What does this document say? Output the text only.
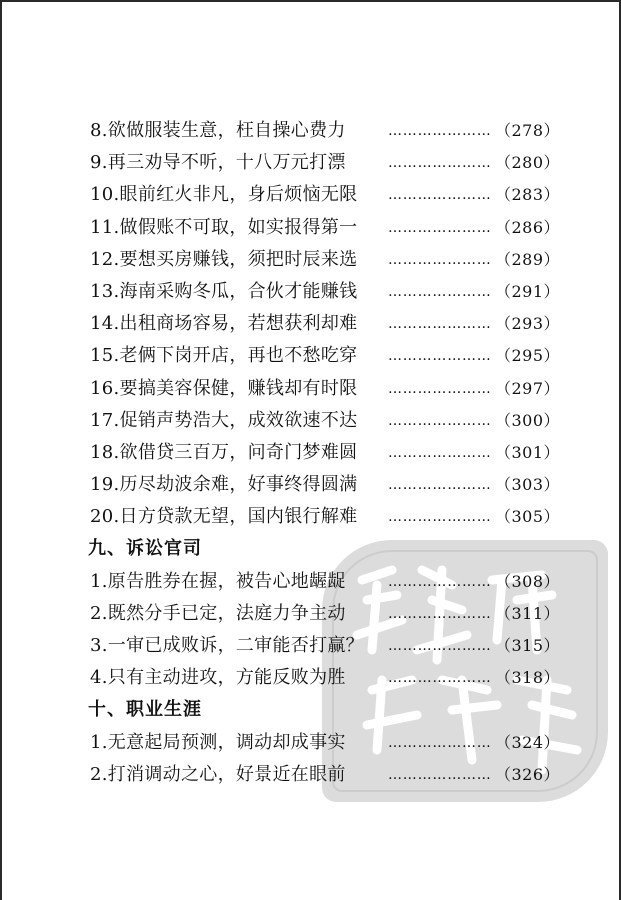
8.欲做服装生意，枉自操心费力	………………… （278）
9.再三劝导不听，十八万元打漂	………………… （280）
10.眼前红火非凡，身后烦恼无限 ………………… （283）
11.做假账不可取，如实报得第一 ………………… （286）
12.要想买房赚钱，须把时辰来选 ………………… （289）
13.海南采购冬瓜，合伙才能赚钱 ………………… （291）
14.出租商场容易，若想获利却难 ………………… （293）
15.老俩下岗开店，再也不愁吃穿 ………………… （295）
16.要搞美容保健，赚钱却有时限 ………………… （297）
17.促销声势浩大，成效欲速不达 ………………… （300）
18.欲借贷三百万，问奇门梦难圆 ………………… （301）
19.历尽劫波余难，好事终得圆满 ………………… （303）
20.日方贷款无望，国内银行解难 ………………… （305）
九、诉讼官司
1.原告胜券在握，被告心地龌龊	………………… （308）
2.既然分手已定，法庭力争主动	………………… （311）
3.一审已成败诉，二审能否打赢？ ………………… （315）
4.只有主动进攻，方能反败为胜	………………… （318）
十、职业生涯
1.无意起局预测，调动却成事实	………………… （324）
2.打消调动之心，好景近在眼前	………………… （326）
